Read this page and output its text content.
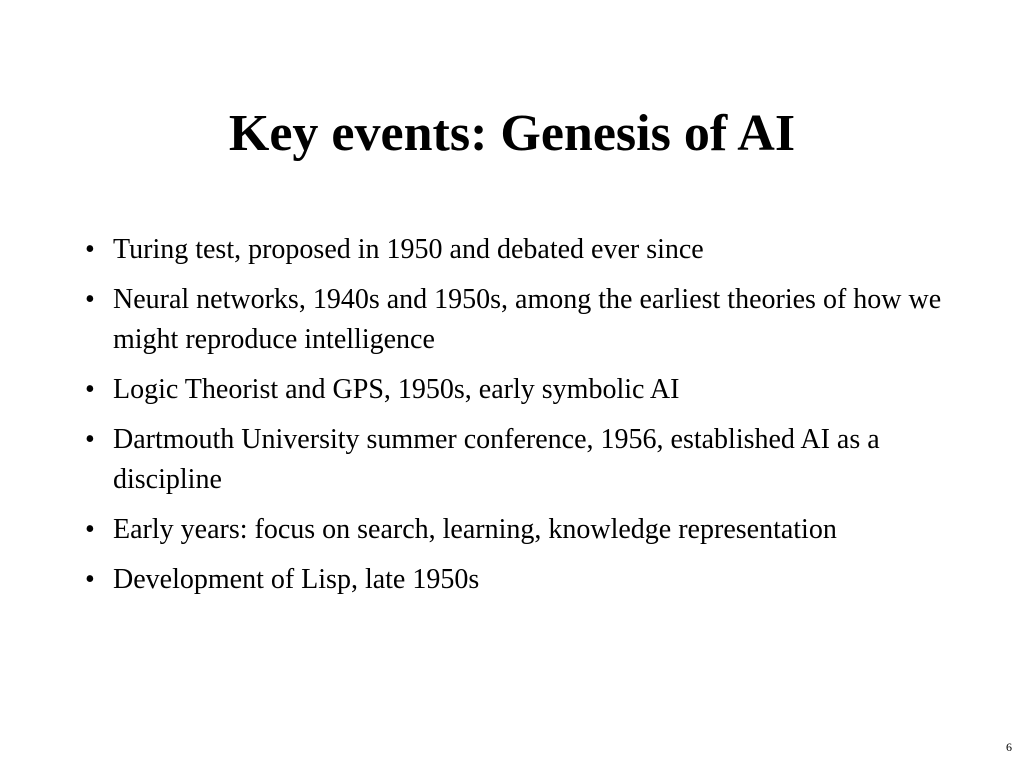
Key events: Genesis of AI
• Turing test, proposed in 1950 and debated ever since
• Neural networks, 1940s and 1950s, among the earliest theories of how we might reproduce intelligence
• Logic Theorist and GPS, 1950s, early symbolic AI
• Dartmouth University summer conference, 1956, established AI as a discipline
• Early years: focus on search, learning, knowledge representation
• Development of Lisp, late 1950s
6
